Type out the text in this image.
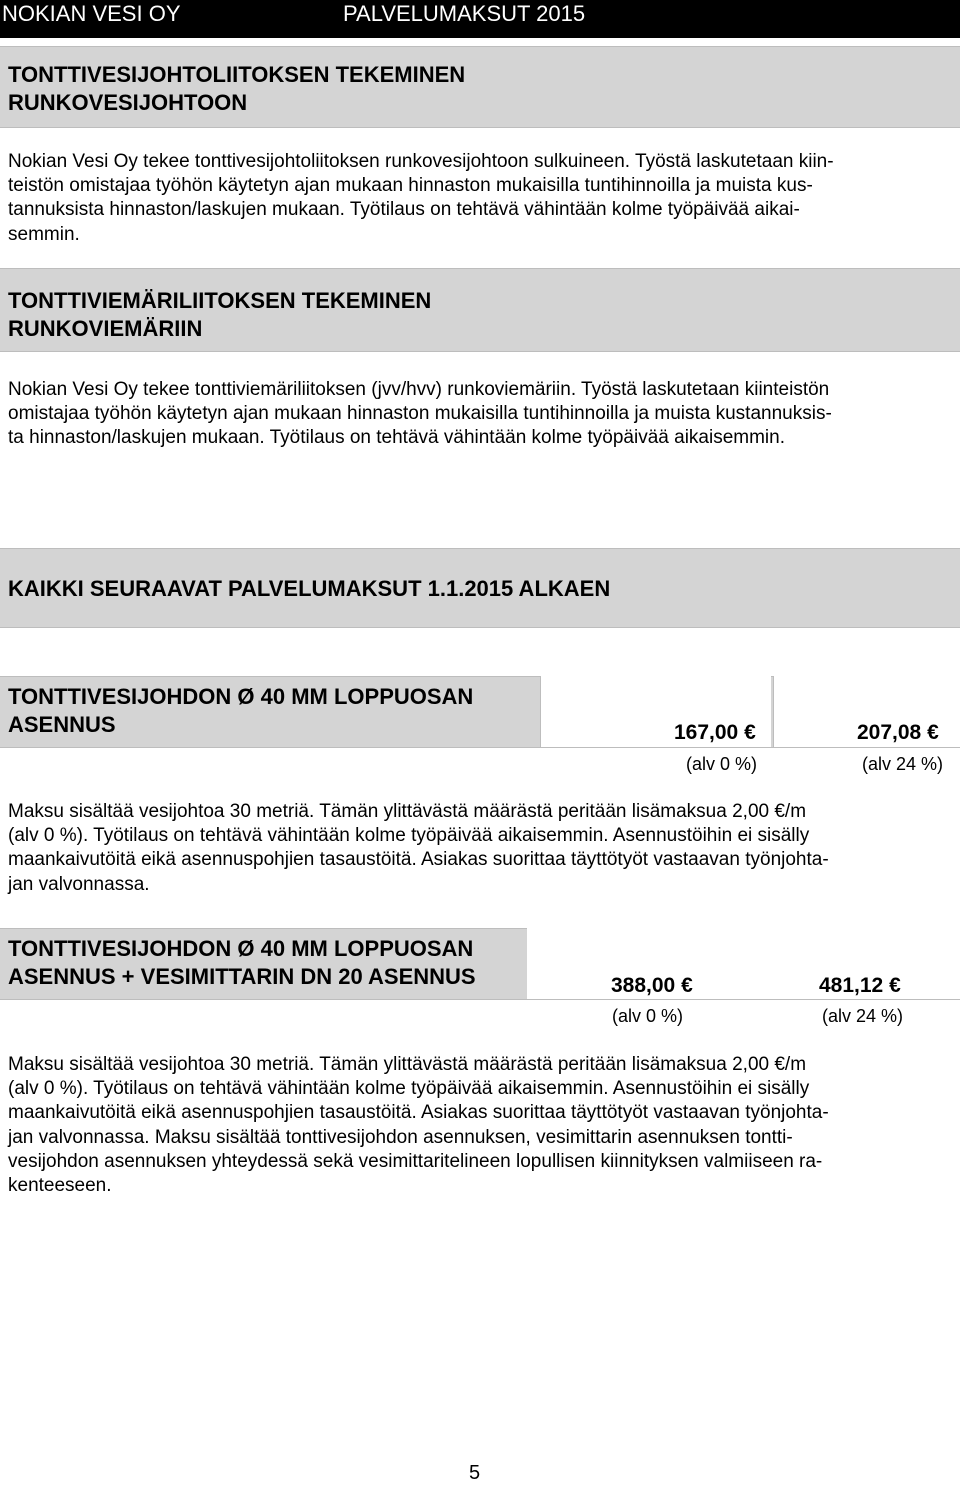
NOKIAN VESI OY	PALVELUMAKSUT 2015
TONTTIVESIJOHTOLIITOKSEN TEKEMINEN
RUNKOVESIJOHTOON
Nokian Vesi Oy tekee tonttivesijohtoliitoksen runkovesijohtoon sulkuineen. Työstä laskutetaan kiin-
teistön omistajaa työhön käytetyn ajan mukaan hinnaston mukaisilla tuntihinnoilla ja muista kus-
tannuksista hinnaston/laskujen mukaan. Työtilaus on tehtävä vähintään kolme työpäivää aikai-
semmin.
TONTTIVIEMÄRILIITOKSEN TEKEMINEN
RUNKOVIEMÄRIIN
Nokian Vesi Oy tekee tonttiviemäriliitoksen (jvv/hvv) runkoviemäriin. Työstä laskutetaan kiinteistön
omistajaa työhön käytetyn ajan mukaan hinnaston mukaisilla tuntihinnoilla ja muista kustannuksis-
ta hinnaston/laskujen mukaan. Työtilaus on tehtävä vähintään kolme työpäivää aikaisemmin.
KAIKKI SEURAAVAT PALVELUMAKSUT 1.1.2015 ALKAEN
TONTTIVESIJOHDON Ø 40 MM LOPPUOSAN
ASENNUS	167,00 €	207,08 €
(alv 0 %)	(alv 24 %)
Maksu sisältää vesijohtoa 30 metriä. Tämän ylittävästä määrästä peritään lisämaksua 2,00 €/m
(alv 0 %). Työtilaus on tehtävä vähintään kolme työpäivää aikaisemmin. Asennustöihin ei sisälly
maankaivutöitä eikä asennuspohjien tasaustöitä. Asiakas suorittaa täyttötyöt vastaavan työnjohta-
jan valvonnassa.
TONTTIVESIJOHDON Ø 40 MM LOPPUOSAN
ASENNUS + VESIMITTARIN DN 20 ASENNUS	388,00 €	481,12 €
(alv 0 %)	(alv 24 %)
Maksu sisältää vesijohtoa 30 metriä. Tämän ylittävästä määrästä peritään lisämaksua 2,00 €/m
(alv 0 %). Työtilaus on tehtävä vähintään kolme työpäivää aikaisemmin. Asennustöihin ei sisälly
maankaivutöitä eikä asennuspohjien tasaustöitä. Asiakas suorittaa täyttötyöt vastaavan työnjohta-
jan valvonnassa. Maksu sisältää tonttivesijohdon asennuksen, vesimittarin asennuksen tontti-
vesijohdon asennuksen yhteydessä sekä vesimittaritelineen lopullisen kiinnityksen valmiiseen ra-
kenteeseen.
5
